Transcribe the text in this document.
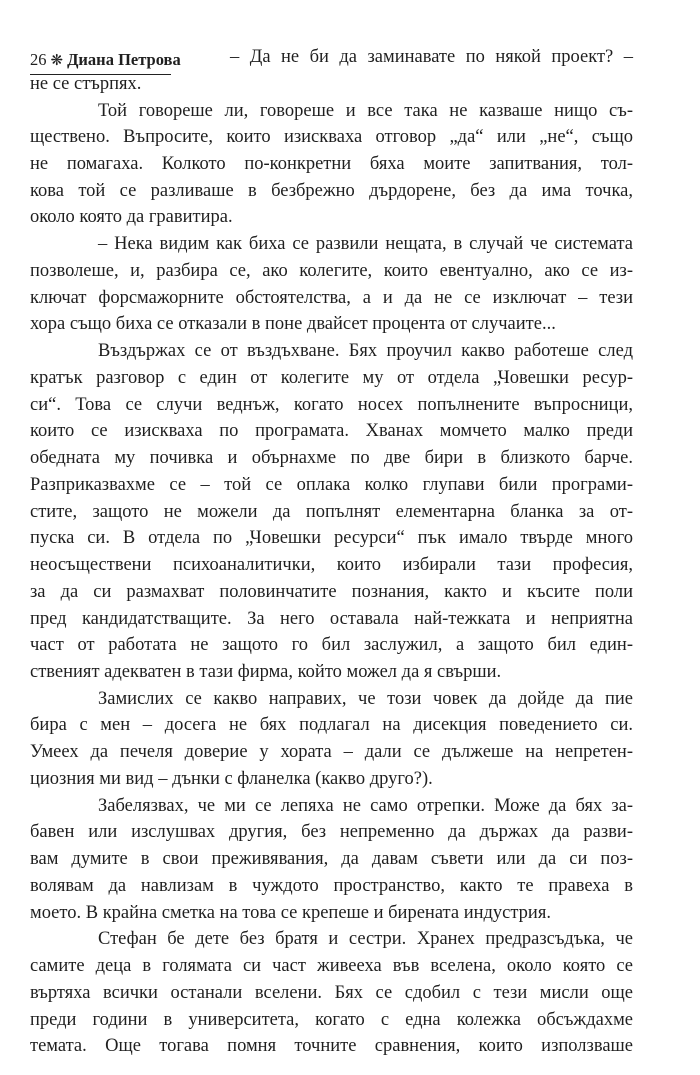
26 ❋ Диана Петрова	– Да не би да заминавате по някой проект? –
не се стърпях.
Той говореше ли, говореше и все така не казваше нищо съ-
ществено. Въпросите, които изискваха отговор „да“ или „не“, също
не помагаха. Колкото по-конкретни бяха моите запитвания, тол-
кова той се разливаше в безбрежно дърдорене, без да има точка,
около която да гравитира.
– Нека видим как биха се развили нещата, в случай че системата
позволеше, и, разбира се, ако колегите, които евентуално, ако се из-
ключат форсмажорните обстоятелства, а и да не се изключат – тези
хора също биха се отказали в поне двайсет процента от случаите...
Въздържах се от въздъхване. Бях проучил какво работеше след
кратък разговор с един от колегите му от отдела „Човешки ресур-
си“. Това се случи веднъж, когато носех попълнените въпросници,
които се изискваха по програмата. Хванах момчето малко преди
обедната му почивка и обърнахме по две бири в близкото барче.
Разприказвахме се – той се оплака колко глупави били програми-
стите, защото не можели да попълнят елементарна бланка за от-
пуска си. В отдела по „Човешки ресурси“ пък имало твърде много
неосъществени психоаналитички, които избирали тази професия,
за да си размахват половинчатите познания, както и късите поли
пред кандидатстващите. За него оставала най-тежката и неприятна
част от работата не защото го бил заслужил, а защото бил един-
ственият адекватен в тази фирма, който можел да я свърши.
Замислих се какво направих, че този човек да дойде да пие
бира с мен – досега не бях подлагал на дисекция поведението си.
Умеех да печеля доверие у хората – дали се дължеше на непретен-
циозния ми вид – дънки с фланелка (какво друго?).
Забелязвах, че ми се лепяха не само отрепки. Може да бях за-
бавен или изслушвах другия, без непременно да държах да разви-
вам думите в свои преживявания, да давам съвети или да си поз-
волявам да навлизам в чуждото пространство, както те правеха в
моето. В крайна сметка на това се крепеше и бирената индустрия.
Стефан бе дете без братя и сестри. Хранех предразсъдъка, че
самите деца в голямата си част живееха във вселена, около която се
въртяха всички останали вселени. Бях се сдобил с тези мисли още
преди години в университета, когато с една колежка обсъждахме
темата. Още тогава помня точните сравнения, които използваше
